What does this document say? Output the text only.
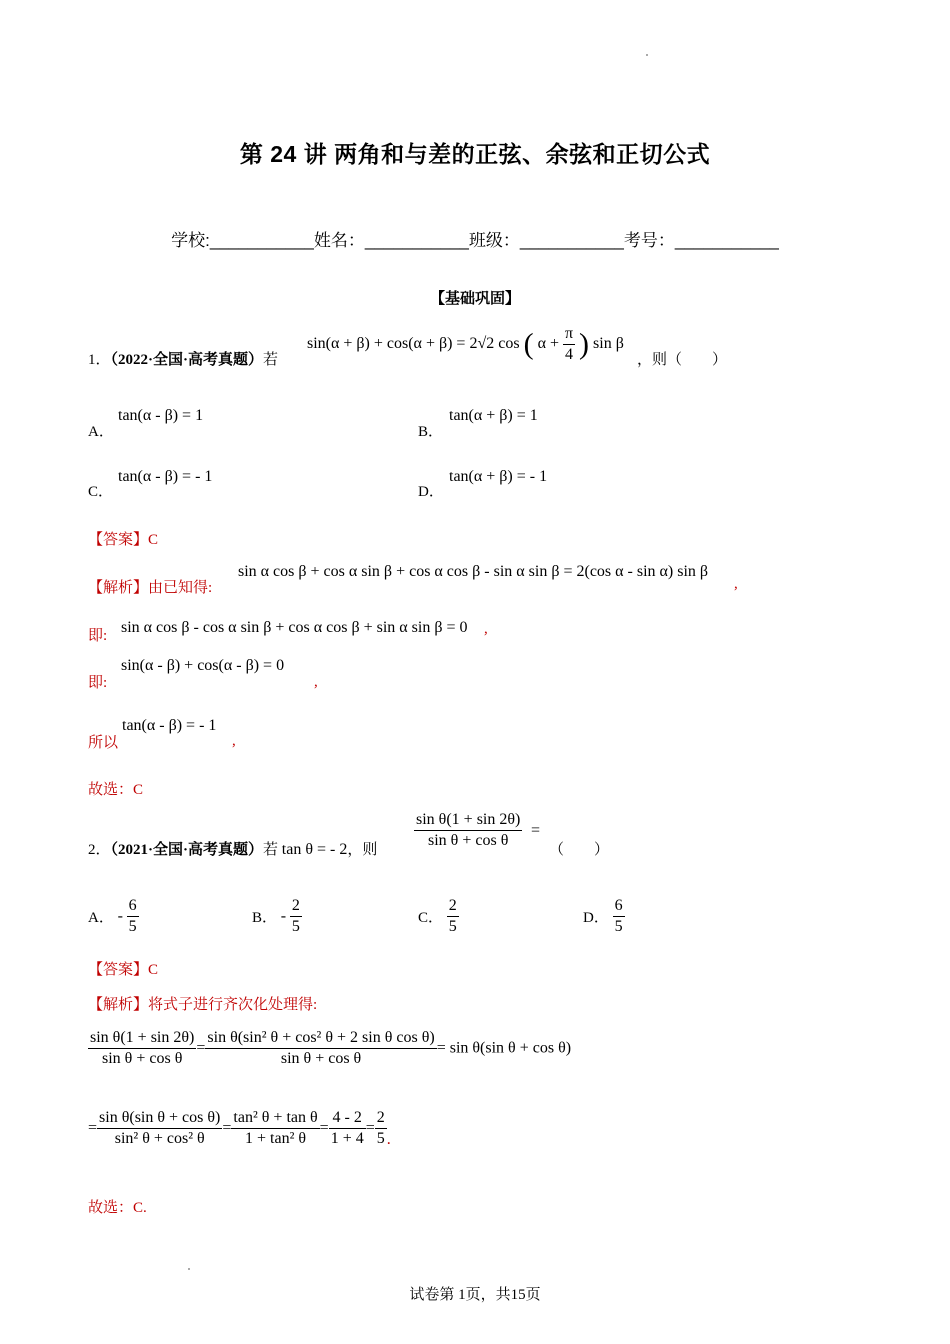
第 24 讲 两角和与差的正弦、余弦和正切公式
学校:___________姓名：___________班级：___________考号：___________
【基础巩固】
1．（2022·全国·高考真题）若
sin(α + β) + cos(α + β) = 2√2 cos ( $\alpha + \frac{\pi}{4}$ ) sin β
，则（　　）
A．
tan(α - β) = 1
B．
tan(α + β) = 1
C．
tan(α - β) = - 1
D．
tan(α + β) = - 1
【答案】C
【解析】由已知得:
sin α cos β + cos α sin β + cos α cos β - sin α sin β = 2(cos α - sin α) sin β
,
即: sin α cos β - cos α sin β + cos α cos β + sin α sin β = 0 ,
即:
sin(α - β) + cos(α - β) = 0
,
所以
tan(α - β) = - 1
,
故选：C
2．（2021·全国·高考真题）若 tan θ = - 2，则 $\frac{\text{sin θ(1 + sin 2θ)}}{\text{sin θ + cos θ}}$ =
（　　）
A． - $\frac{6}{5}$	B． - $\frac{2}{5}$	C． $\frac{2}{5}$	D． $\frac{6}{5}$
【答案】C
【解析】将式子进行齐次化处理得:
$\frac{\text{sin θ(1 + sin 2θ)}}{\text{sin θ + cos θ}} = \frac{\text{sin θ(sin² θ + cos² θ + 2 sin θ cos θ)}}{\text{sin θ + cos θ}} = \sin \theta(\sin$ θ + cos θ)
= $\frac{\text{sin θ(sin θ + cos θ)}}{\text{sin² θ + cos² θ}} = \frac{\text{tan² θ + tan θ}}{\text{1 + tan² θ}} = \frac{4 - 2}{1 + 4} = \frac{2}{5}$ .
故选：C.
试卷第 1页，共15页
